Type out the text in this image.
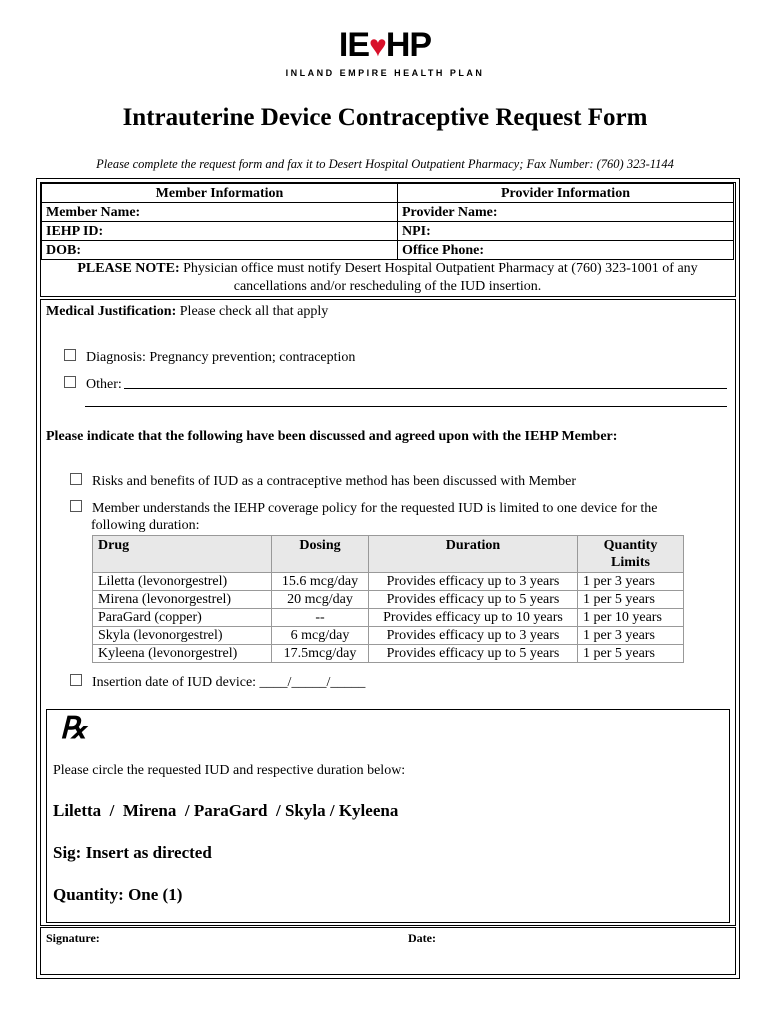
IE♥HP
INLAND EMPIRE HEALTH PLAN
Intrauterine Device Contraceptive Request Form
Please complete the request form and fax it to Desert Hospital Outpatient Pharmacy; Fax Number: (760) 323-1144
Member Information	Provider Information
Member Name:	Provider Name:
IEHP ID:	NPI:
DOB:	Office Phone:
PLEASE NOTE: Physician office must notify Desert Hospital Outpatient Pharmacy at (760) 323-1001 of any
cancellations and/or rescheduling of the IUD insertion.
Medical Justification: Please check all that apply
Diagnosis: Pregnancy prevention; contraception
Other:
Please indicate that the following have been discussed and agreed upon with the IEHP Member:
Risks and benefits of IUD as a contraceptive method has been discussed with Member
Member understands the IEHP coverage policy for the requested IUD is limited to one device for the
following duration:
Drug	Dosing	Duration	Quantity Limits
Liletta (levonorgestrel)	15.6 mcg/day	Provides efficacy up to 3 years	1 per 3 years
Mirena (levonorgestrel)	20 mcg/day	Provides efficacy up to 5 years	1 per 5 years
ParaGard (copper)	--	Provides efficacy up to 10 years	1 per 10 years
Skyla (levonorgestrel)	6 mcg/day	Provides efficacy up to 3 years	1 per 3 years
Kyleena (levonorgestrel)	17.5mcg/day	Provides efficacy up to 5 years	1 per 5 years
Insertion date of IUD device: ____/_____/_____
℞
Please circle the requested IUD and respective duration below:
Liletta  /  Mirena  / ParaGard  / Skyla / Kyleena
Sig: Insert as directed
Quantity: One (1)
Signature:	Date:
